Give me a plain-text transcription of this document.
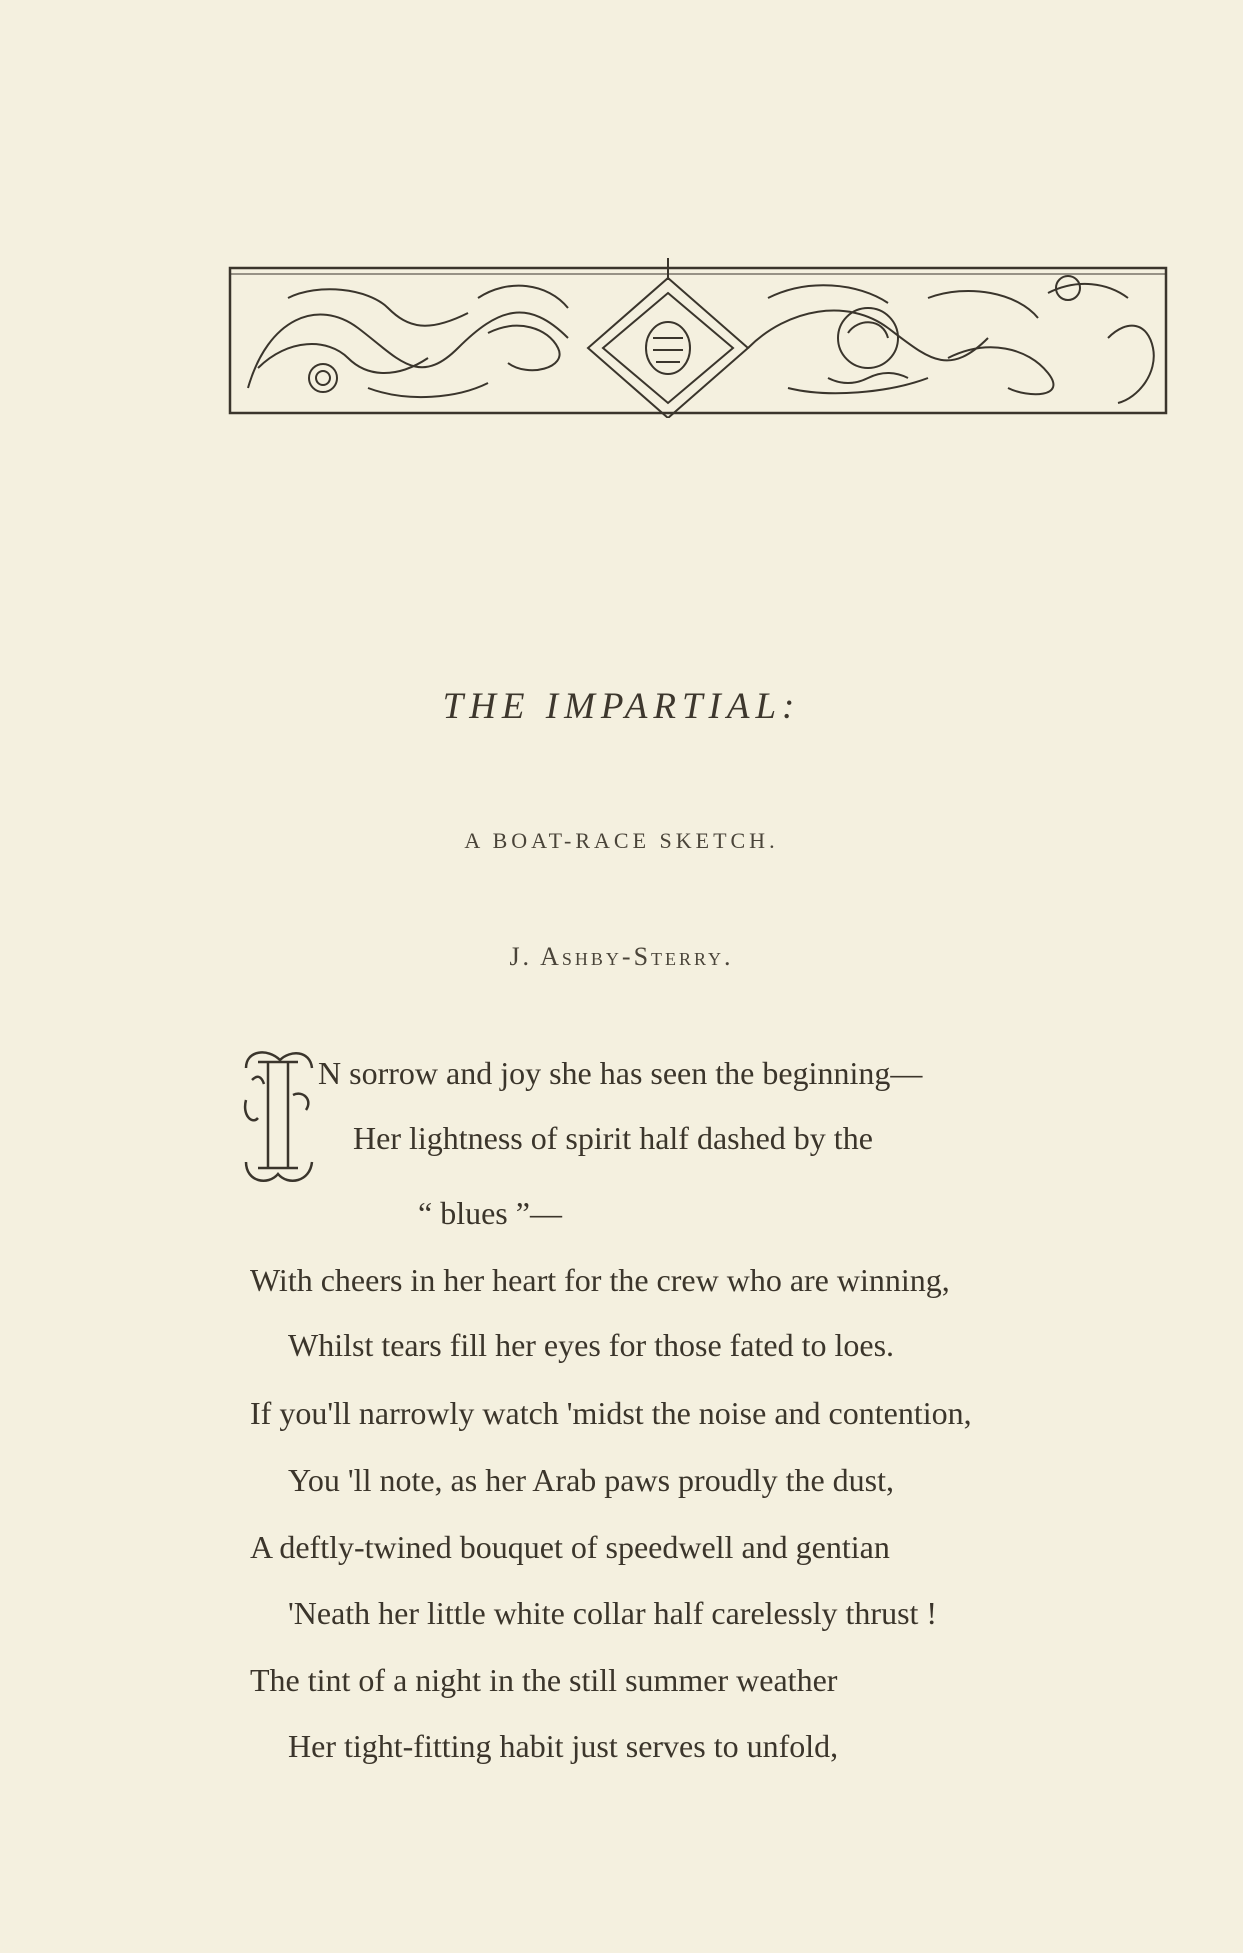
THE IMPARTIAL:
A BOAT-RACE SKETCH.
J. Ashby-Sterry.
N sorrow and joy she has seen the beginning—
Her lightness of spirit half dashed by the
“ blues ”—
With cheers in her heart for the crew who are winning,
Whilst tears fill her eyes for those fated to loes.
If you'll narrowly watch 'midst the noise and contention,
You 'll note, as her Arab paws proudly the dust,
A deftly-twined bouquet of speedwell and gentian
'Neath her little white collar half carelessly thrust !
The tint of a night in the still summer weather
Her tight-fitting habit just serves to unfold,
